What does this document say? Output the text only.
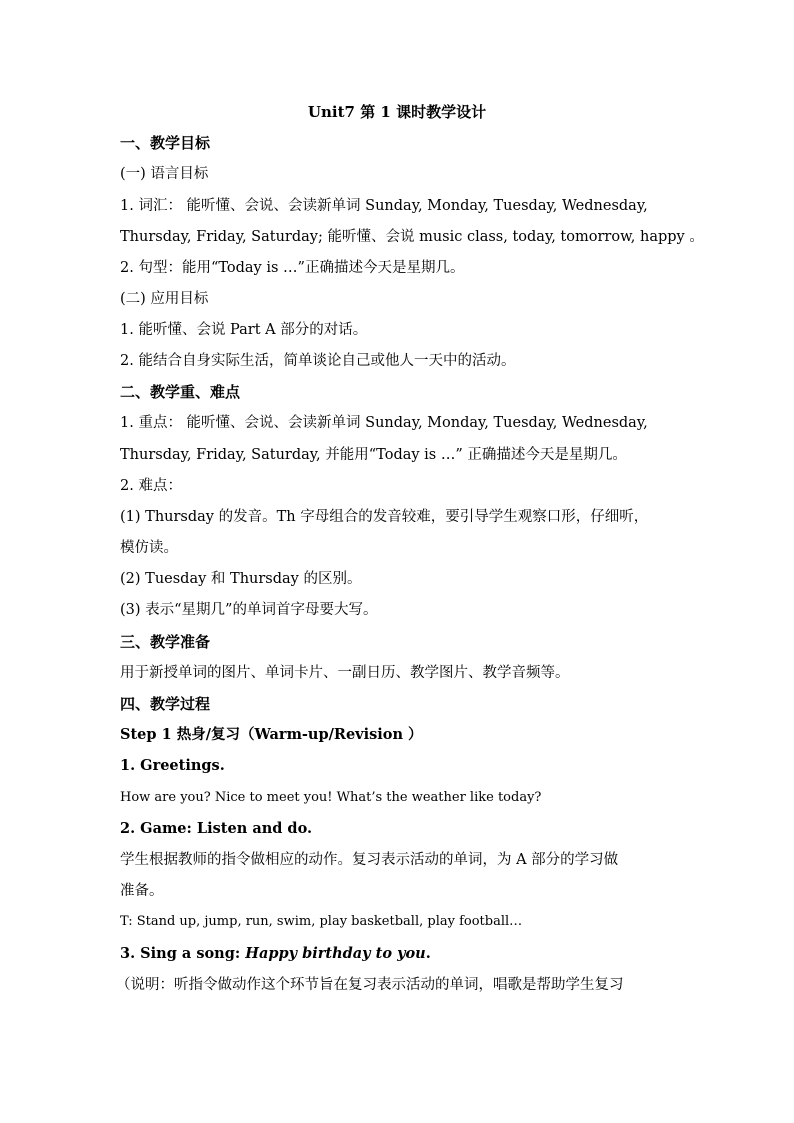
Unit7 第 1 课时教学设计
一、教学目标
(一) 语言目标
1. 词汇： 能听懂、会说、会读新单词 Sunday, Monday, Tuesday, Wednesday,
Thursday, Friday, Saturday; 能听懂、会说 music class, today, tomorrow, happy 。
2. 句型：能用“Today is …”正确描述今天是星期几。
(二) 应用目标
1. 能听懂、会说 Part A 部分的对话。
2. 能结合自身实际生活，简单谈论自己或他人一天中的活动。
二、教学重、难点
1. 重点： 能听懂、会说、会读新单词 Sunday, Monday, Tuesday, Wednesday,
Thursday, Friday, Saturday, 并能用“Today is …” 正确描述今天是星期几。
2. 难点：
(1) Thursday 的发音。Th 字母组合的发音较难，要引导学生观察口形，仔细听，
模仿读。
(2) Tuesday 和 Thursday 的区别。
(3) 表示“星期几”的单词首字母要大写。
三、教学准备
用于新授单词的图片、单词卡片、一副日历、教学图片、教学音频等。
四、教学过程
Step 1 热身/复习（Warm-up/Revision ）
1. Greetings.
How are you? Nice to meet you! What’s the weather like today?
2. Game: Listen and do.
学生根据教师的指令做相应的动作。复习表示活动的单词，为 A 部分的学习做
准备。
T: Stand up, jump, run, swim, play basketball, play football…
3. Sing a song: Happy birthday to you.
（说明：听指令做动作这个环节旨在复习表示活动的单词，唱歌是帮助学生复习
